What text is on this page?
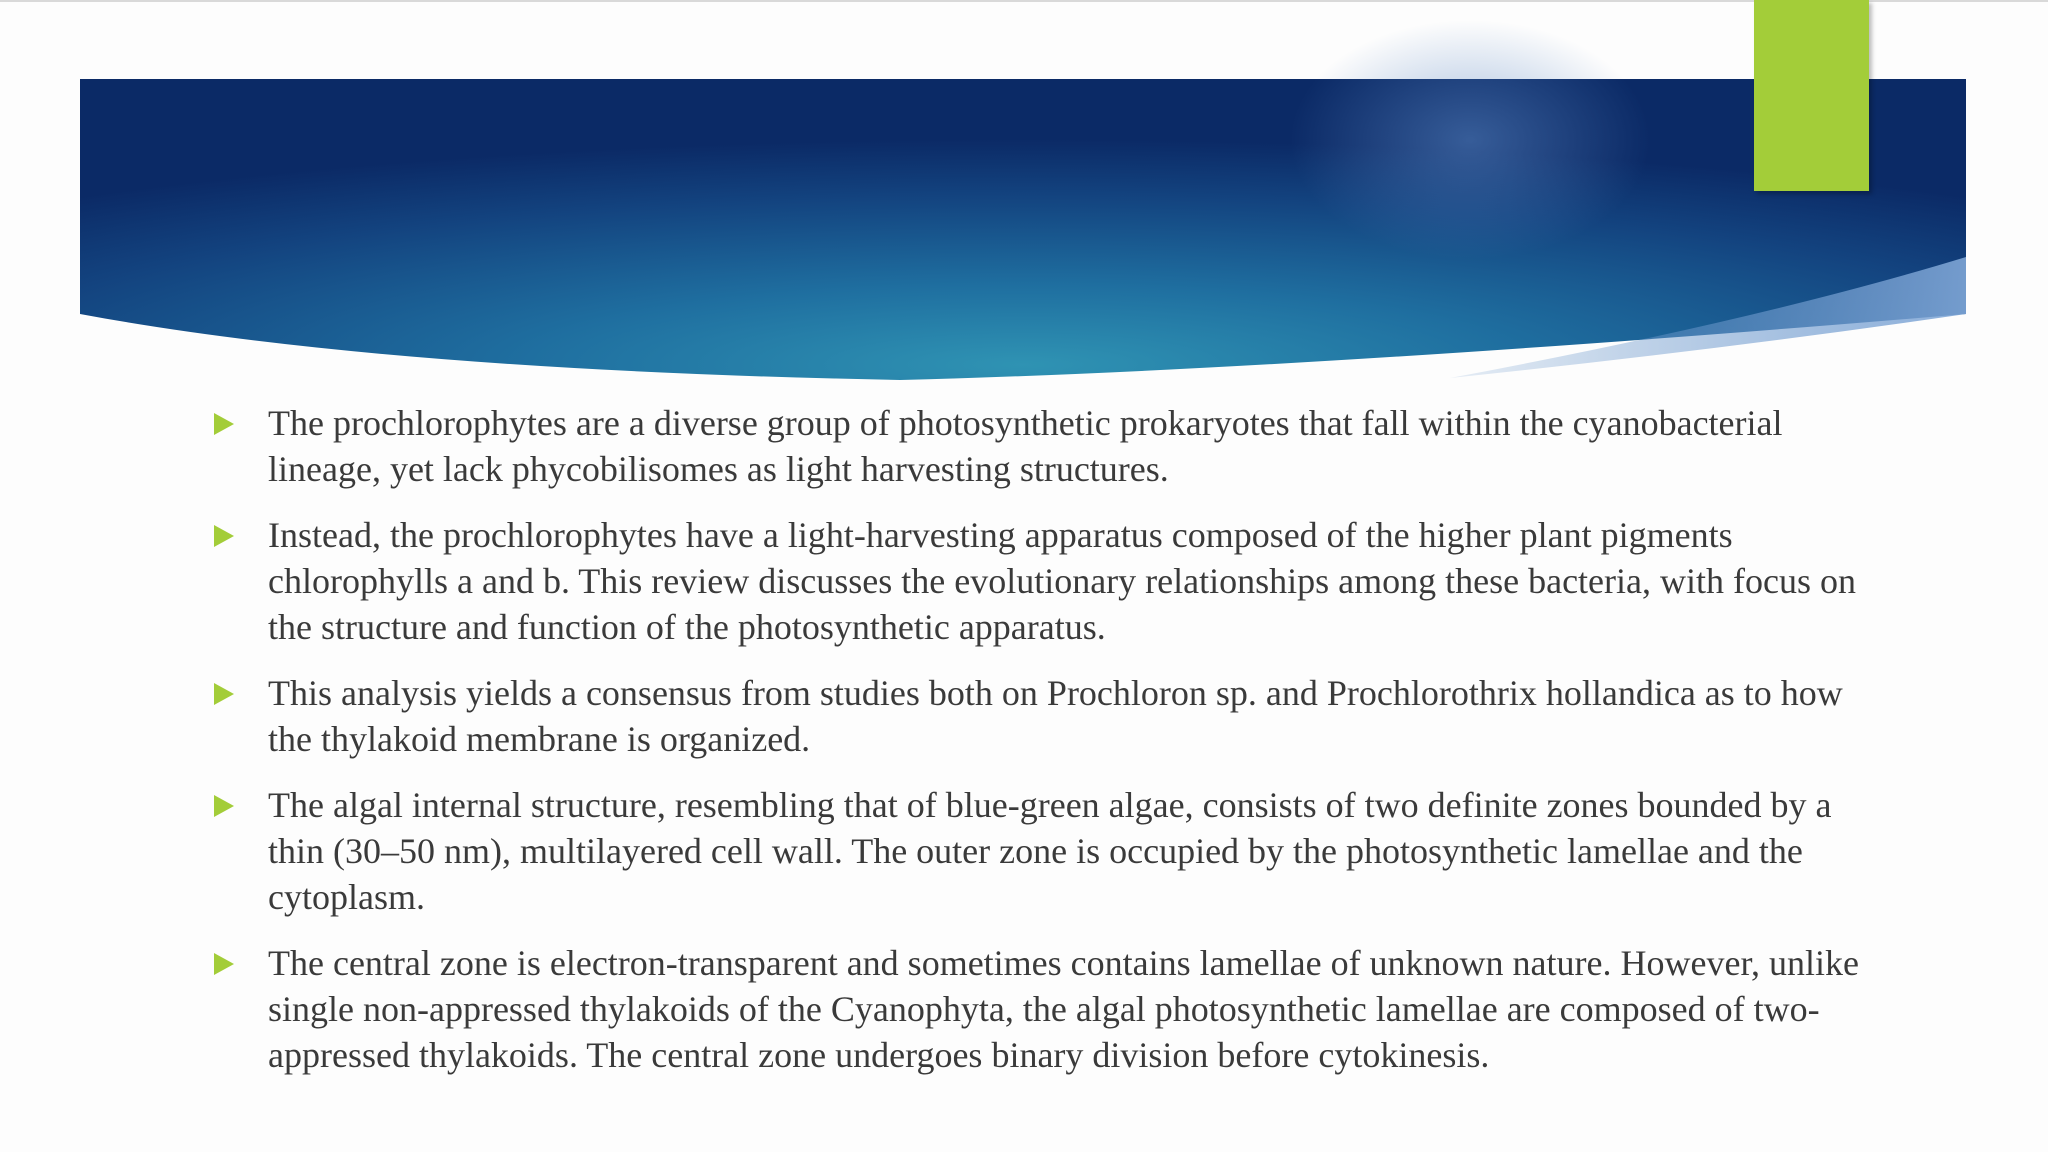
The prochlorophytes are a diverse group of photosynthetic prokaryotes that fall within the cyanobacterial lineage, yet lack phycobilisomes as light harvesting structures.
Instead, the prochlorophytes have a light-harvesting apparatus composed of the higher plant pigments chlorophylls a and b. This review discusses the evolutionary relationships among these bacteria, with focus on the structure and function of the photosynthetic apparatus.
This analysis yields a consensus from studies both on Prochloron sp. and Prochlorothrix hollandica as to how the thylakoid membrane is organized.
The algal internal structure, resembling that of blue-green algae, consists of two definite zones bounded by a thin (30–50 nm), multilayered cell wall. The outer zone is occupied by the photosynthetic lamellae and the cytoplasm.
The central zone is electron-transparent and sometimes contains lamellae of unknown nature. However, unlike single non-appressed thylakoids of the Cyanophyta, the algal photosynthetic lamellae are composed of two-appressed thylakoids. The central zone undergoes binary division before cytokinesis.
